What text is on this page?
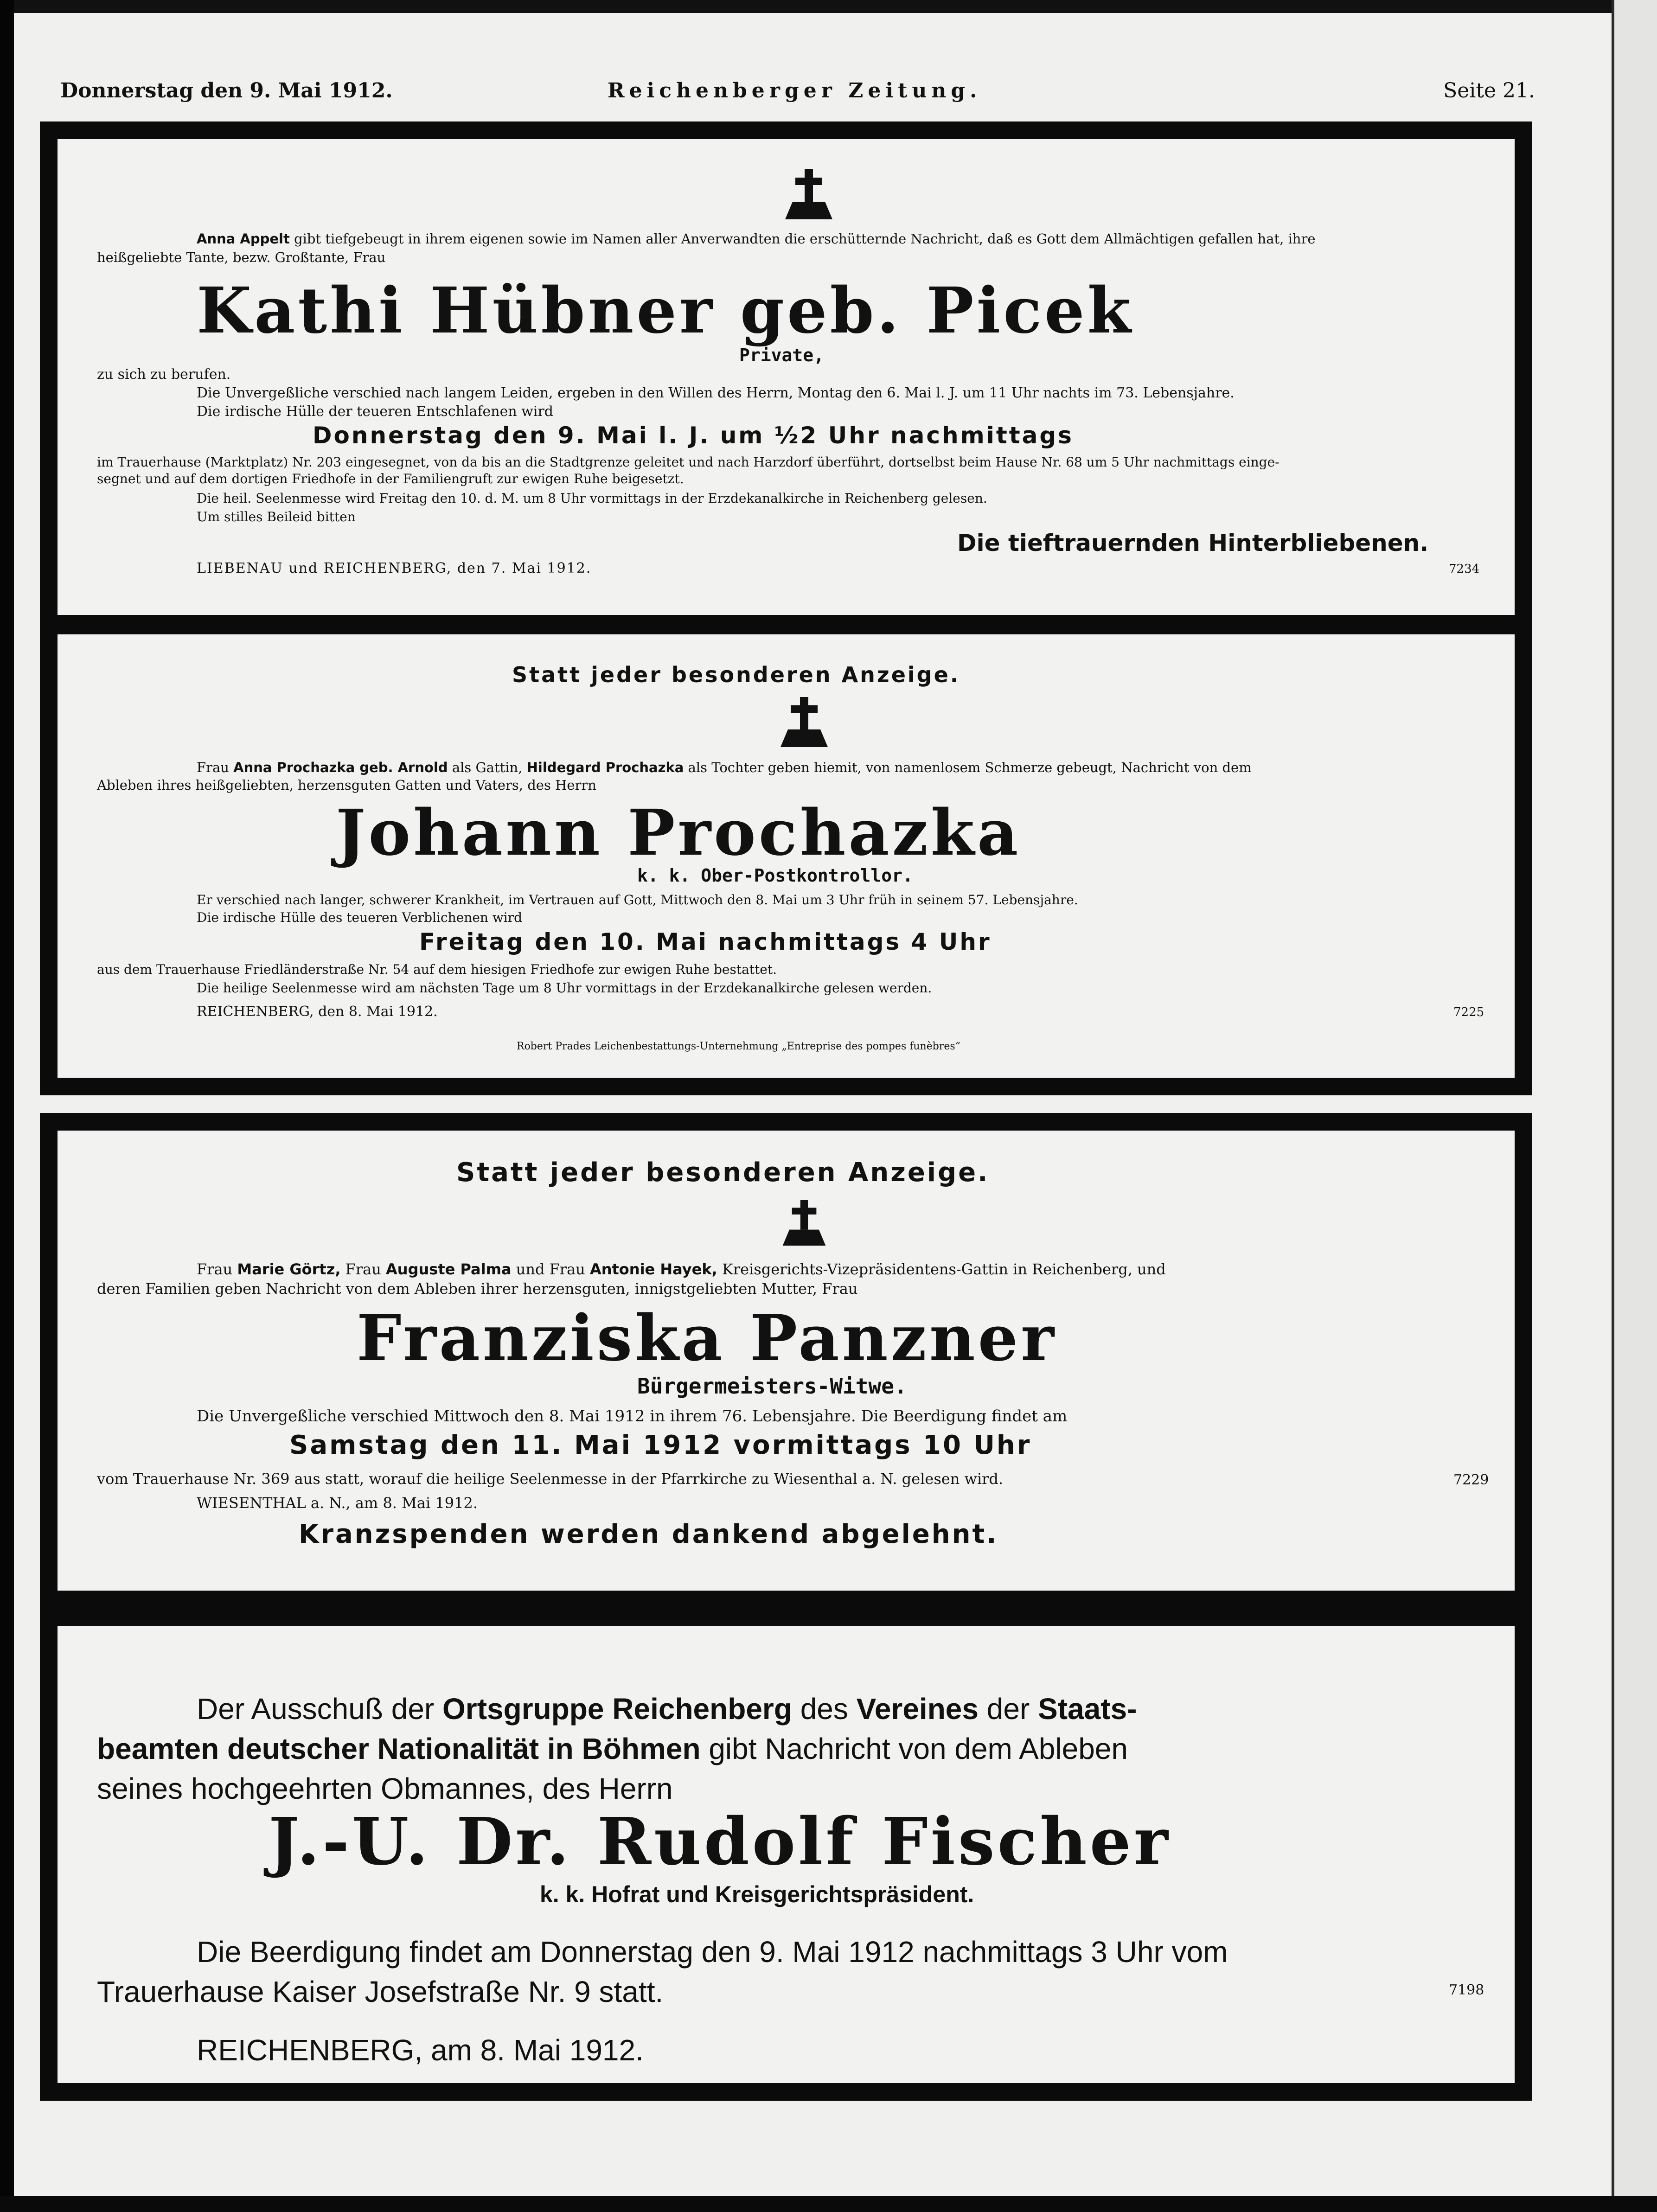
Donnerstag den 9. Mai 1912.	Reichenberger Zeitung.	Seite 21.
Anna Appelt gibt tiefgebeugt in ihrem eigenen sowie im Namen aller Anverwandten die erschütternde Nachricht, daß es Gott dem Allmächtigen gefallen hat, ihre
heißgeliebte Tante, bezw. Großtante, Frau
Kathi Hübner geb. Picek
Private,
zu sich zu berufen.
Die Unvergeßliche verschied nach langem Leiden, ergeben in den Willen des Herrn, Montag den 6. Mai l. J. um 11 Uhr nachts im 73. Lebensjahre.
Die irdische Hülle der teueren Entschlafenen wird
Donnerstag den 9. Mai l. J. um ½2 Uhr nachmittags
im Trauerhause (Marktplatz) Nr. 203 eingesegnet, von da bis an die Stadtgrenze geleitet und nach Harzdorf überführt, dortselbst beim Hause Nr. 68 um 5 Uhr nachmittags einge-
segnet und auf dem dortigen Friedhofe in der Familiengruft zur ewigen Ruhe beigesetzt.
Die heil. Seelenmesse wird Freitag den 10. d. M. um 8 Uhr vormittags in der Erzdekanalkirche in Reichenberg gelesen.
Um stilles Beileid bitten
Die tieftrauernden Hinterbliebenen.
LIEBENAU und REICHENBERG, den 7. Mai 1912.	7234
Statt jeder besonderen Anzeige.
Frau Anna Prochazka geb. Arnold als Gattin, Hildegard Prochazka als Tochter geben hiemit, von namenlosem Schmerze gebeugt, Nachricht von dem
Ableben ihres heißgeliebten, herzensguten Gatten und Vaters, des Herrn
Johann Prochazka
k. k. Ober-Postkontrollor.
Er verschied nach langer, schwerer Krankheit, im Vertrauen auf Gott, Mittwoch den 8. Mai um 3 Uhr früh in seinem 57. Lebensjahre.
Die irdische Hülle des teueren Verblichenen wird
Freitag den 10. Mai nachmittags 4 Uhr
aus dem Trauerhause Friedländerstraße Nr. 54 auf dem hiesigen Friedhofe zur ewigen Ruhe bestattet.
Die heilige Seelenmesse wird am nächsten Tage um 8 Uhr vormittags in der Erzdekanalkirche gelesen werden.
REICHENBERG, den 8. Mai 1912.	7225
Robert Prades Leichenbestattungs-Unternehmung „Entreprise des pompes funèbres“
Statt jeder besonderen Anzeige.
Frau Marie Görtz, Frau Auguste Palma und Frau Antonie Hayek, Kreisgerichts-Vizepräsidentens-Gattin in Reichenberg, und
deren Familien geben Nachricht von dem Ableben ihrer herzensguten, innigstgeliebten Mutter, Frau
Franziska Panzner
Bürgermeisters-Witwe.
Die Unvergeßliche verschied Mittwoch den 8. Mai 1912 in ihrem 76. Lebensjahre. Die Beerdigung findet am
Samstag den 11. Mai 1912 vormittags 10 Uhr
vom Trauerhause Nr. 369 aus statt, worauf die heilige Seelenmesse in der Pfarrkirche zu Wiesenthal a. N. gelesen wird.	7229
WIESENTHAL a. N., am 8. Mai 1912.
Kranzspenden werden dankend abgelehnt.
Der Ausschuß der Ortsgruppe Reichenberg des Vereines der Staats-
beamten deutscher Nationalität in Böhmen gibt Nachricht von dem Ableben
seines hochgeehrten Obmannes, des Herrn
J.-U. Dr. Rudolf Fischer
k. k. Hofrat und Kreisgerichtspräsident.
Die Beerdigung findet am Donnerstag den 9. Mai 1912 nachmittags 3 Uhr vom
Trauerhause Kaiser Josefstraße Nr. 9 statt.	7198
REICHENBERG, am 8. Mai 1912.
